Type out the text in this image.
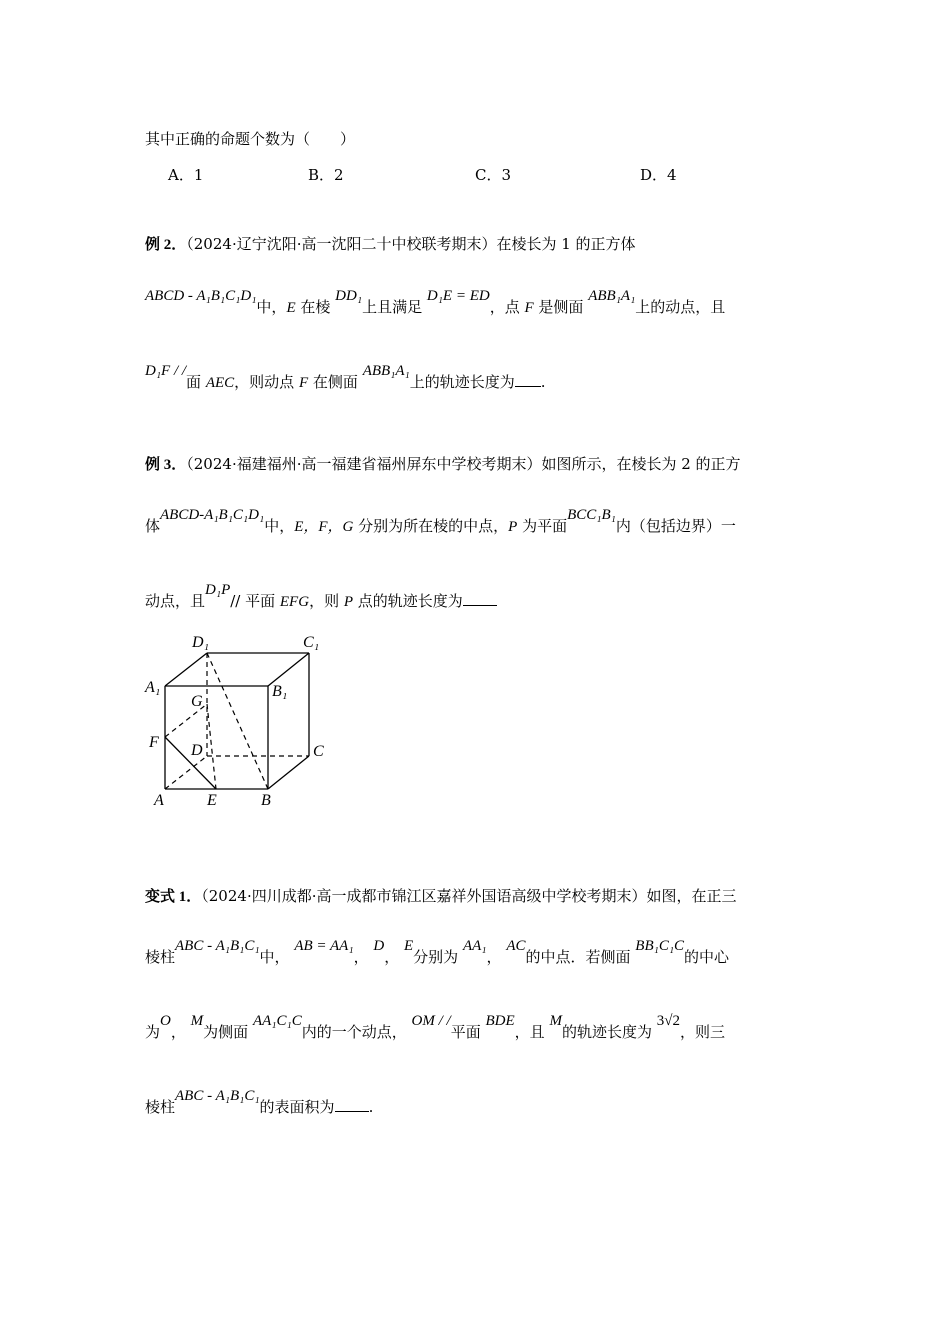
其中正确的命题个数为（　　）
A．1	B．2	C．3	D．4
例 2．（2024·辽宁沈阳·高一沈阳二十中校联考期末）在棱长为 1 的正方体
ABCD - A₁B₁C₁D₁中，E 在棱 DD₁上且满足 D₁E = ED，点 F 是侧面 ABB₁A₁上的动点，且
D₁F / /面 AEC，则动点 F 在侧面 ABB₁A₁上的轨迹长度为 .
例 3．（2024·福建福州·高一福建省福州屏东中学校考期末）如图所示，在棱长为 2 的正方
体ABCD-A₁B₁C₁D₁中，E，F，G 分别为所在棱的中点，P 为平面BCC₁B₁内（包括边界）一
动点，且D₁P// 平面 EFG，则 P 点的轨迹长度为
D₁	C₁
A₁	B₁
G
F D	C
A	E	B
变式 1．（2024·四川成都·高一成都市锦江区嘉祥外国语高级中学校考期末）如图，在正三
棱柱ABC - A₁B₁C₁中， AB = AA₁， D， E分别为 AA₁， AC的中点．若侧面 BB₁C₁C的中心
为O， M为侧面 AA₁C₁C内的一个动点， OM / /平面 BDE，且 M的轨迹长度为 3√2，则三
棱柱ABC - A₁B₁C₁的表面积为 .
